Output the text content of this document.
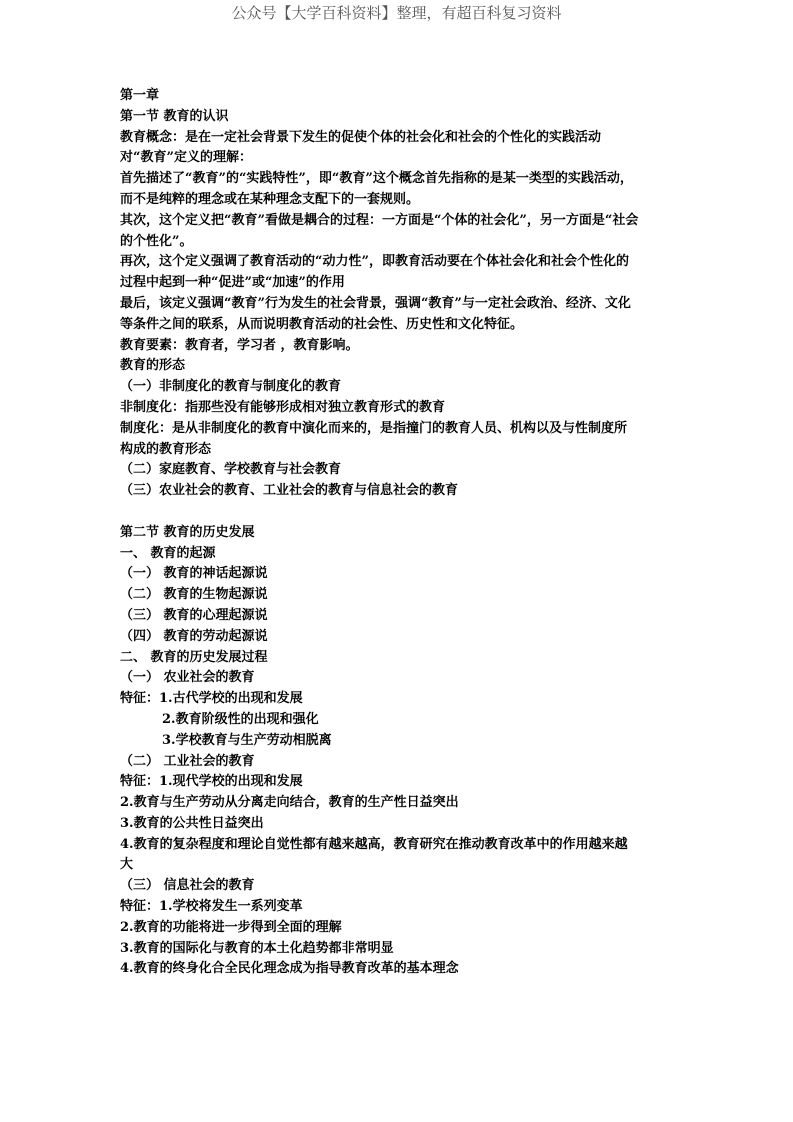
公众号【大学百科资料】整理，有超百科复习资料
第一章
第一节 教育的认识
教育概念：是在一定社会背景下发生的促使个体的社会化和社会的个性化的实践活动
对“教育”定义的理解：
首先描述了“教育”的“实践特性”，即“教育”这个概念首先指称的是某一类型的实践活动，
而不是纯粹的理念或在某种理念支配下的一套规则。
其次，这个定义把“教育”看做是耦合的过程：一方面是“个体的社会化”，另一方面是“社会
的个性化”。
再次，这个定义强调了教育活动的“动力性”，即教育活动要在个体社会化和社会个性化的
过程中起到一种“促进”或“加速”的作用
最后，该定义强调“教育”行为发生的社会背景，强调“教育”与一定社会政治、经济、文化
等条件之间的联系，从而说明教育活动的社会性、历史性和文化特征。
教育要素：教育者，学习者 ，教育影响。
教育的形态
（一）非制度化的教育与制度化的教育
非制度化：指那些没有能够形成相对独立教育形式的教育
制度化：是从非制度化的教育中演化而来的，是指撞门的教育人员、机构以及与性制度所
构成的教育形态
（二）家庭教育、学校教育与社会教育
（三）农业社会的教育、工业社会的教育与信息社会的教育
第二节 教育的历史发展
一、 教育的起源
（一） 教育的神话起源说
（二） 教育的生物起源说
（三） 教育的心理起源说
（四） 教育的劳动起源说
二、 教育的历史发展过程
（一） 农业社会的教育
特征：1.古代学校的出现和发展
2.教育阶级性的出现和强化
3.学校教育与生产劳动相脱离
（二） 工业社会的教育
特征：1.现代学校的出现和发展
2.教育与生产劳动从分离走向结合，教育的生产性日益突出
3.教育的公共性日益突出
4.教育的复杂程度和理论自觉性都有越来越高，教育研究在推动教育改革中的作用越来越
大
（三） 信息社会的教育
特征：1.学校将发生一系列变革
2.教育的功能将进一步得到全面的理解
3.教育的国际化与教育的本土化趋势都非常明显
4.教育的终身化合全民化理念成为指导教育改革的基本理念
